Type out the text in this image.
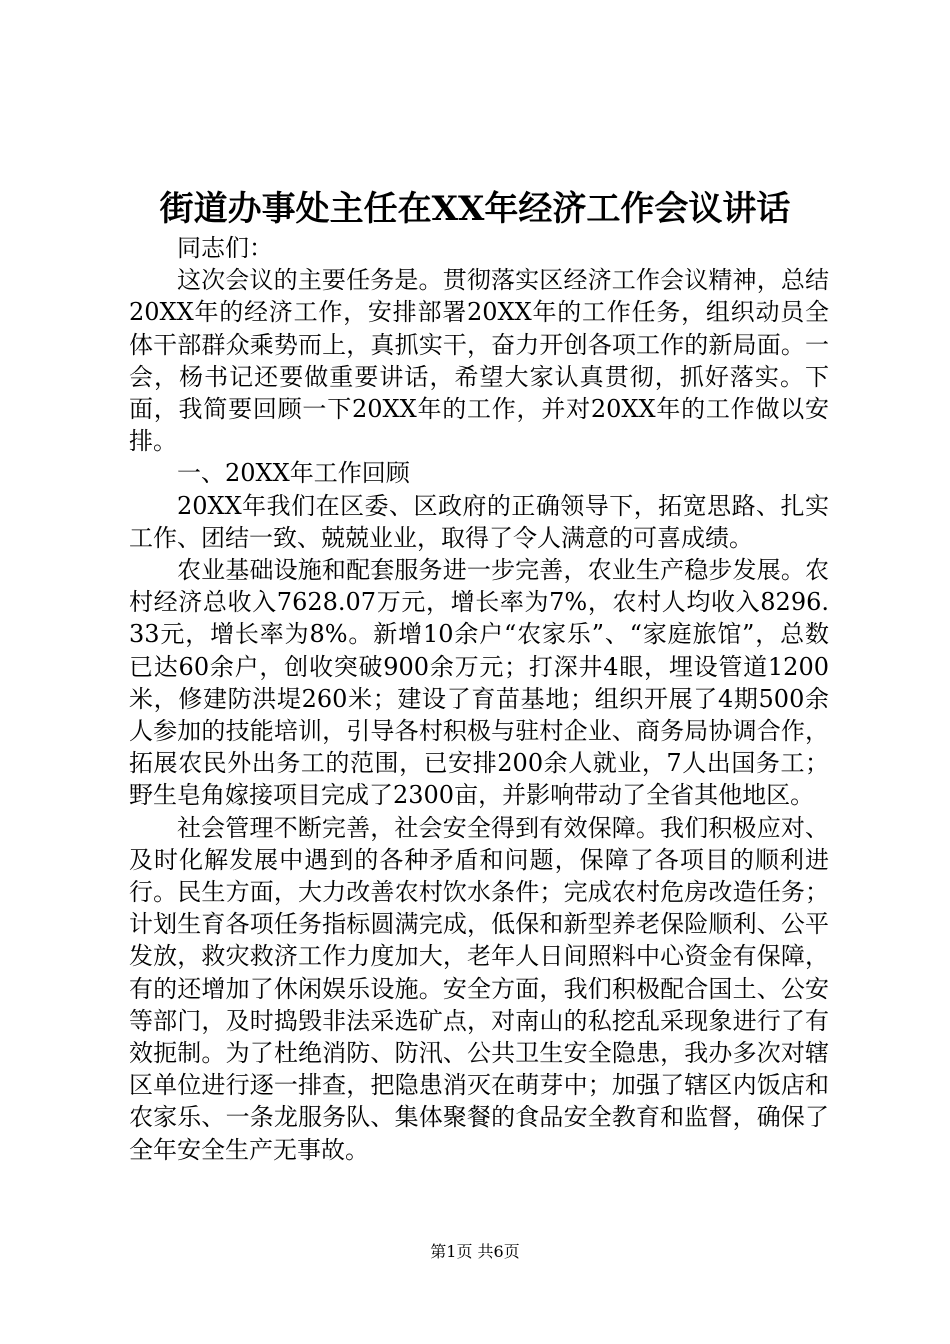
街道办事处主任在XX年经济工作会议讲话

同志们：

这次会议的主要任务是。贯彻落实区经济工作会议精神，总结20XX年的经济工作，安排部署20XX年的工作任务，组织动员全体干部群众乘势而上，真抓实干，奋力开创各项工作的新局面。一会，杨书记还要做重要讲话，希望大家认真贯彻，抓好落实。下面，我简要回顾一下20XX年的工作，并对20XX年的工作做以安排。

一、20XX年工作回顾

20XX年我们在区委、区政府的正确领导下，拓宽思路、扎实工作、团结一致、兢兢业业，取得了令人满意的可喜成绩。

农业基础设施和配套服务进一步完善，农业生产稳步发展。农村经济总收入7628.07万元，增长率为7%，农村人均收入8296.33元，增长率为8%。新增10余户“农家乐”、“家庭旅馆”，总数已达60余户，创收突破900余万元；打深井4眼，埋设管道1200米，修建防洪堤260米；建设了育苗基地；组织开展了4期500余人参加的技能培训，引导各村积极与驻村企业、商务局协调合作，拓展农民外出务工的范围，已安排200余人就业，7人出国务工；野生皂角嫁接项目完成了2300亩，并影响带动了全省其他地区。

社会管理不断完善，社会安全得到有效保障。我们积极应对、及时化解发展中遇到的各种矛盾和问题，保障了各项目的顺利进行。民生方面，大力改善农村饮水条件；完成农村危房改造任务；计划生育各项任务指标圆满完成，低保和新型养老保险顺利、公平发放，救灾救济工作力度加大，老年人日间照料中心资金有保障，有的还增加了休闲娱乐设施。安全方面，我们积极配合国土、公安等部门，及时捣毁非法采选矿点，对南山的私挖乱采现象进行了有效扼制。为了杜绝消防、防汛、公共卫生安全隐患，我办多次对辖区单位进行逐一排查，把隐患消灭在萌芽中；加强了辖区内饭店和农家乐、一条龙服务队、集体聚餐的食品安全教育和监督，确保了全年安全生产无事故。

第1页 共6页
